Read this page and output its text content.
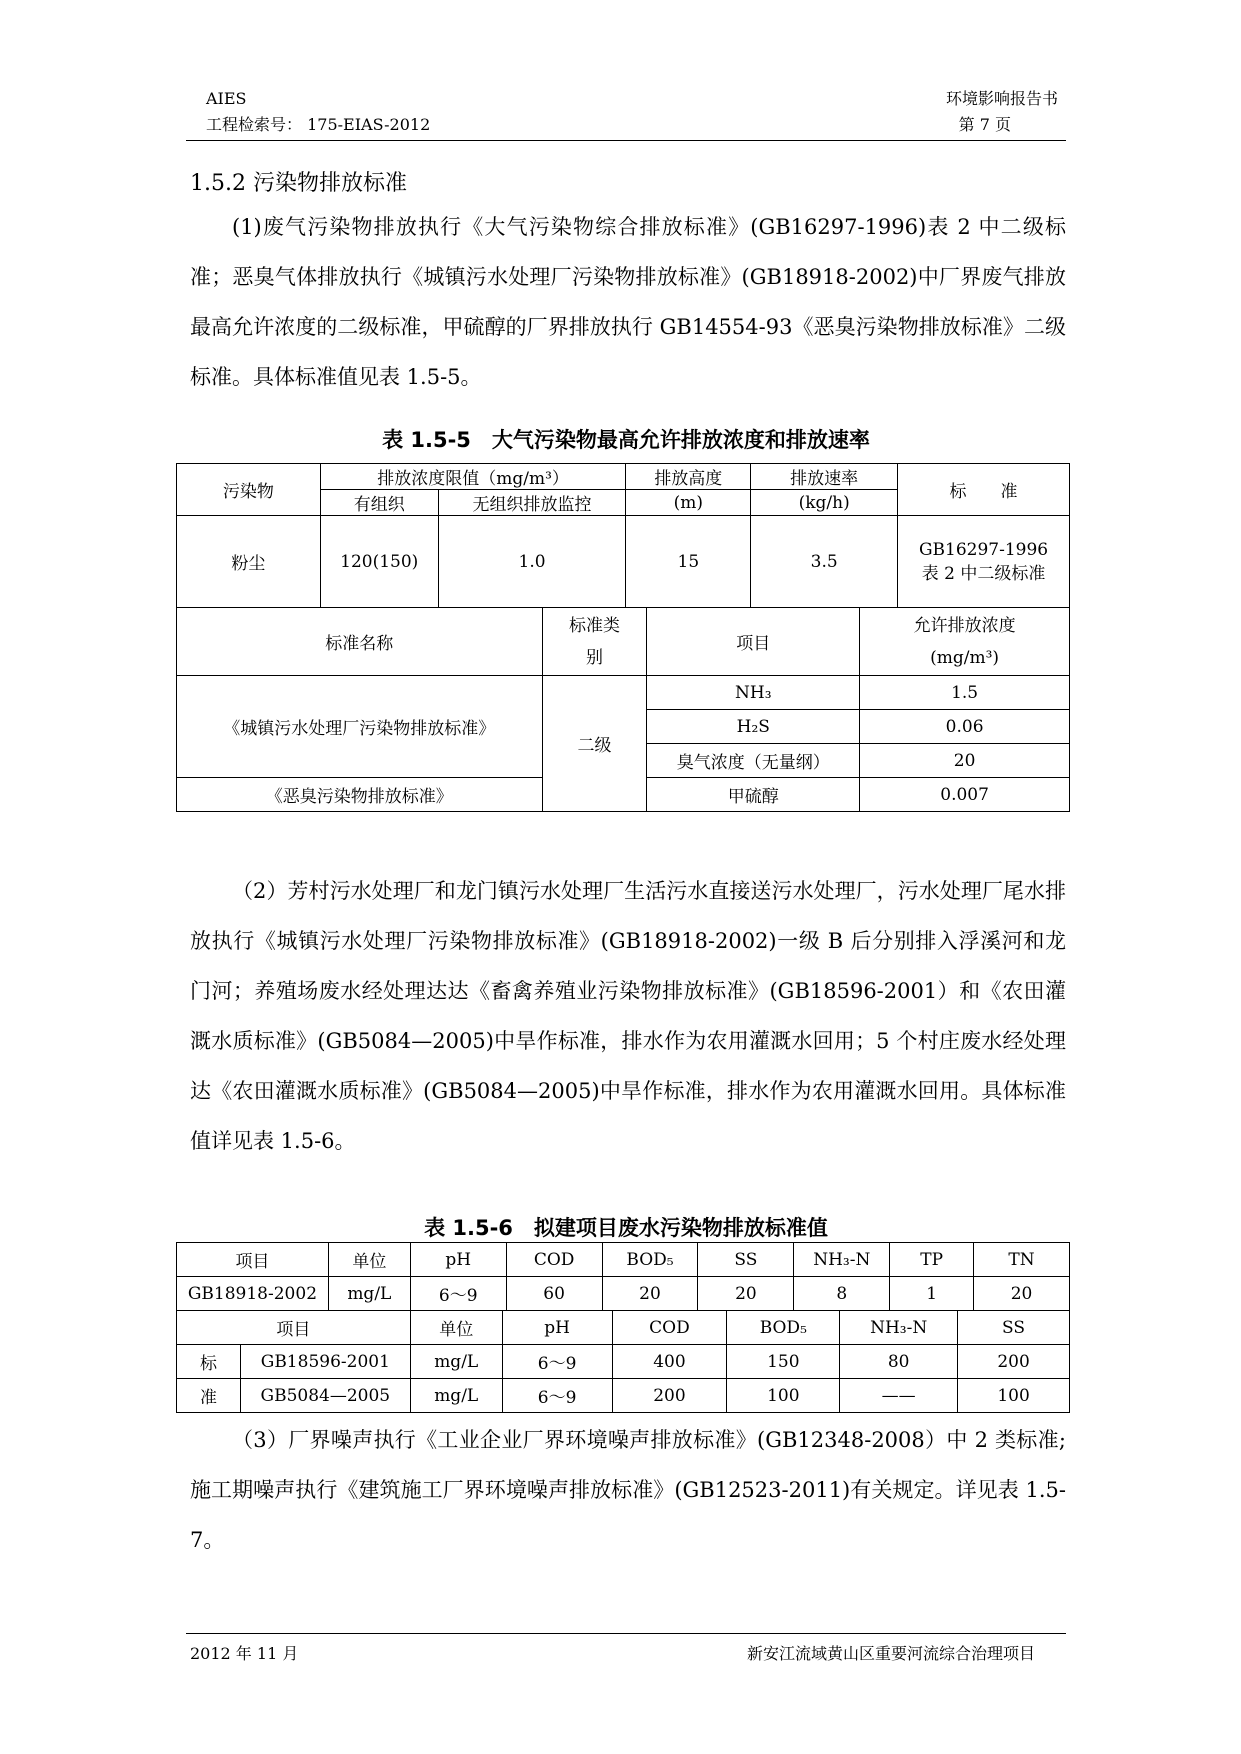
AIES
工程检索号： 175-EIAS-2012
环境影响报告书
第 7 页
1.5.2 污染物排放标准

(1)废气污染物排放执行《大气污染物综合排放标准》(GB16297-1996)表 2 中二级标准；恶臭气体排放执行《城镇污水处理厂污染物排放标准》(GB18918-2002)中厂界废气排放最高允许浓度的二级标准，甲硫醇的厂界排放执行 GB14554-93《恶臭污染物排放标准》二级标准。具体标准值见表 1.5-5。

表 1.5-5　大气污染物最高允许排放浓度和排放速率
污染物	排放浓度限值（mg/m³）		排放高度	排放速率	标　　准
	有组织	无组织排放监控	(m)	(kg/h)	
粉尘	120(150)	1.0	15	3.5	GB16297-1996 表 2 中二级标准
标准名称	标准类别	项目	允许排放浓度
(mg/m³)

《城镇污水处理厂污染物排放标准》	二级	NH₃	1.5
		H₂S	0.06
		臭气浓度（无量纲）	20
《恶臭污染物排放标准》		甲硫醇	0.007

（2）芳村污水处理厂和龙门镇污水处理厂生活污水直接送污水处理厂，污水处理厂尾水排放执行《城镇污水处理厂污染物排放标准》(GB18918-2002)一级 B 后分别排入浮溪河和龙门河；养殖场废水经处理达达《畜禽养殖业污染物排放标准》(GB18596-2001）和《农田灌溉水质标准》(GB5084—2005)中旱作标准，排水作为农用灌溉水回用；5 个村庄废水经处理达《农田灌溉水质标准》(GB5084—2005)中旱作标准，排水作为农用灌溉水回用。具体标准值详见表 1.5-6。

表 1.5-6　拟建项目废水污染物排放标准值
项目	单位	pH	COD	BOD₅	SS	NH₃-N	TP	TN
GB18918-2002	mg/L	6～9	60	20	20	8	1	20
项目		单位	pH	COD	BOD₅	NH₃-N	SS
标	GB18596-2001	mg/L	6～9	400	150	80	200
准	GB5084—2005	mg/L	6～9	200	100	——	100

（3）厂界噪声执行《工业企业厂界环境噪声排放标准》(GB12348-2008）中 2 类标准; 施工期噪声执行《建筑施工厂界环境噪声排放标准》(GB12523-2011)有关规定。详见表 1.5-7。

2012 年 11 月	新安江流域黄山区重要河流综合治理项目
